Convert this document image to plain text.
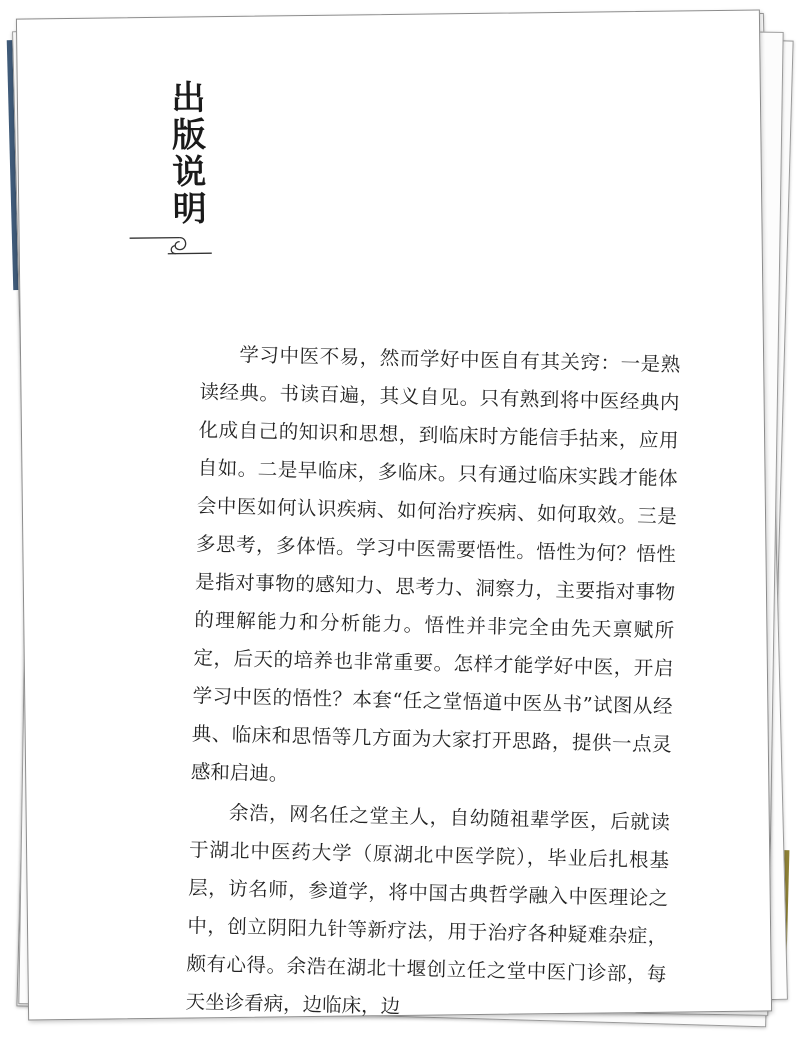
出版说明

学习中医不易，然而学好中医自有其关窍：一是熟读经典。书读百遍，其义自见。只有熟到将中医经典内化成自己的知识和思想，到临床时方能信手拈来，应用自如。二是早临床，多临床。只有通过临床实践才能体会中医如何认识疾病、如何治疗疾病、如何取效。三是多思考，多体悟。学习中医需要悟性。悟性为何？悟性是指对事物的感知力、思考力、洞察力，主要指对事物的理解能力和分析能力。悟性并非完全由先天禀赋所定，后天的培养也非常重要。怎样才能学好中医，开启学习中医的悟性？本套“任之堂悟道中医丛书”试图从经典、临床和思悟等几方面为大家打开思路，提供一点灵感和启迪。

余浩，网名任之堂主人，自幼随祖辈学医，后就读于湖北中医药大学（原湖北中医学院），毕业后扎根基层，访名师，参道学，将中国古典哲学融入中医理论之中，创立阴阳九针等新疗法，用于治疗各种疑难杂症，颇有心得。余浩在湖北十堰创立任之堂中医门诊部，每天坐诊看病，边临床，边
